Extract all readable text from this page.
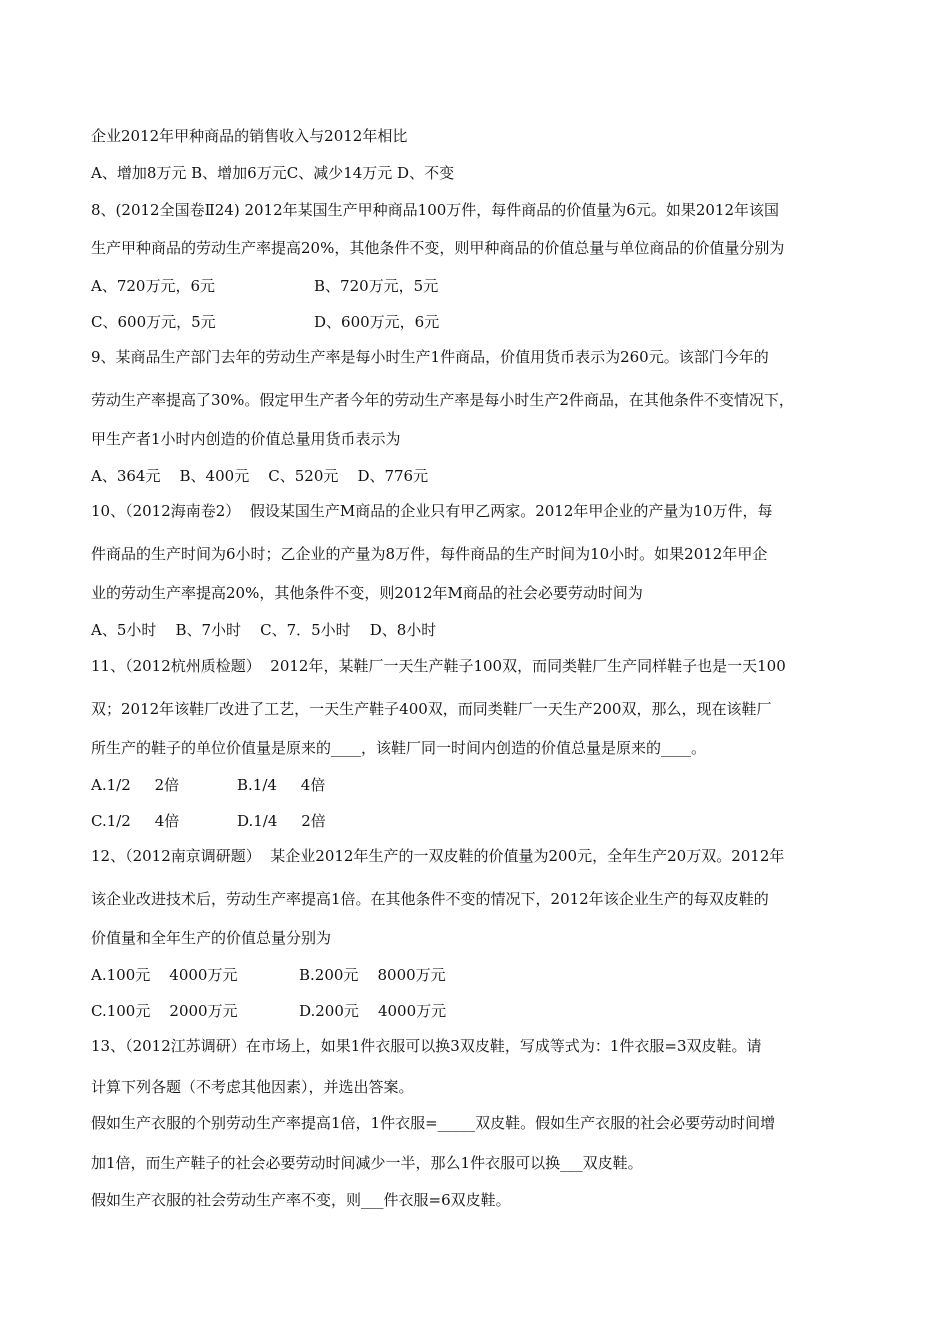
企业2012年甲种商品的销售收入与2012年相比

A、增加8万元 B、增加6万元C、减少14万元 D、不变

8、(2012全国卷Ⅱ24) 2012年某国生产甲种商品100万件，每件商品的价值量为6元。如果2012年该国

生产甲种商品的劳动生产率提高20%，其他条件不变，则甲种商品的价值总量与单位商品的价值量分别为

A、720万元，6元	B、720万元，5元

C、600万元，5元	D、600万元，6元

9、某商品生产部门去年的劳动生产率是每小时生产1件商品，价值用货币表示为260元。该部门今年的

劳动生产率提高了30%。假定甲生产者今年的劳动生产率是每小时生产2件商品，在其他条件不变情况下，

甲生产者1小时内创造的价值总量用货币表示为

A、364元    B、400元    C、520元    D、776元

10、（2012海南卷2）  假设某国生产M商品的企业只有甲乙两家。2012年甲企业的产量为10万件，每

件商品的生产时间为6小时；乙企业的产量为8万件，每件商品的生产时间为10小时。如果2012年甲企

业的劳动生产率提高20%，其他条件不变，则2012年M商品的社会必要劳动时间为

A、5小时    B、7小时    C、7．5小时    D、8小时

11、（2012杭州质检题）  2012年，某鞋厂一天生产鞋子100双，而同类鞋厂生产同样鞋子也是一天100

双；2012年该鞋厂改进了工艺，一天生产鞋子400双，而同类鞋厂一天生产200双，那么，现在该鞋厂

所生产的鞋子的单位价值量是原来的____，该鞋厂同一时间内创造的价值总量是原来的____。

A.1/2     2倍	B.1/4     4倍

C.1/2     4倍	D.1/4     2倍

12、（2012南京调研题）  某企业2012年生产的一双皮鞋的价值量为200元，全年生产20万双。2012年

该企业改进技术后，劳动生产率提高1倍。在其他条件不变的情况下，2012年该企业生产的每双皮鞋的

价值量和全年生产的价值总量分别为

A.100元    4000万元	B.200元    8000万元

C.100元    2000万元	D.200元    4000万元

13、（2012江苏调研）在市场上，如果1件衣服可以换3双皮鞋，写成等式为：1件衣服=3双皮鞋。请

计算下列各题（不考虑其他因素），并选出答案。

假如生产衣服的个别劳动生产率提高1倍，1件衣服=_____双皮鞋。假如生产衣服的社会必要劳动时间增

加1倍，而生产鞋子的社会必要劳动时间减少一半，那么1件衣服可以换___双皮鞋。

假如生产衣服的社会劳动生产率不变，则___件衣服=6双皮鞋。
